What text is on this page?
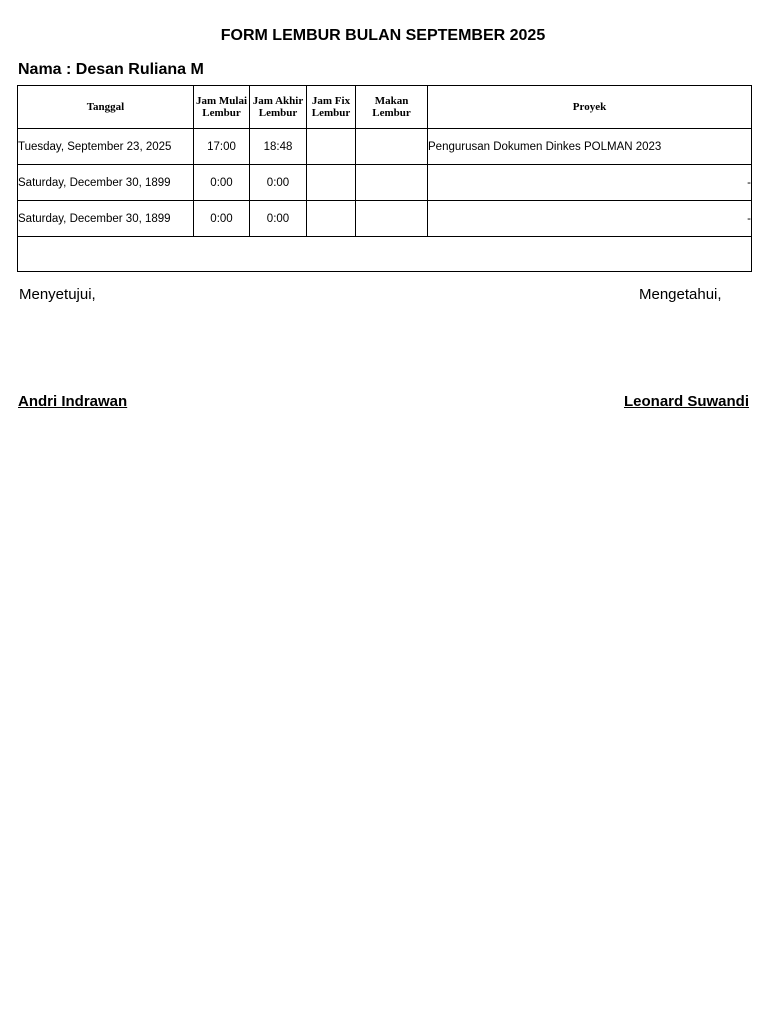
FORM LEMBUR BULAN SEPTEMBER 2025
Nama : Desan Ruliana M
Tanggal	Jam Mulai Lembur	Jam Akhir Lembur	Jam Fix Lembur	Makan Lembur	Proyek
Tuesday, September 23, 2025	17:00	18:48			Pengurusan Dokumen Dinkes POLMAN 2023
Saturday, December 30, 1899	0:00	0:00			-
Saturday, December 30, 1899	0:00	0:00			-

Menyetujui,	Mengetahui,
Andri Indrawan	Leonard Suwandi
